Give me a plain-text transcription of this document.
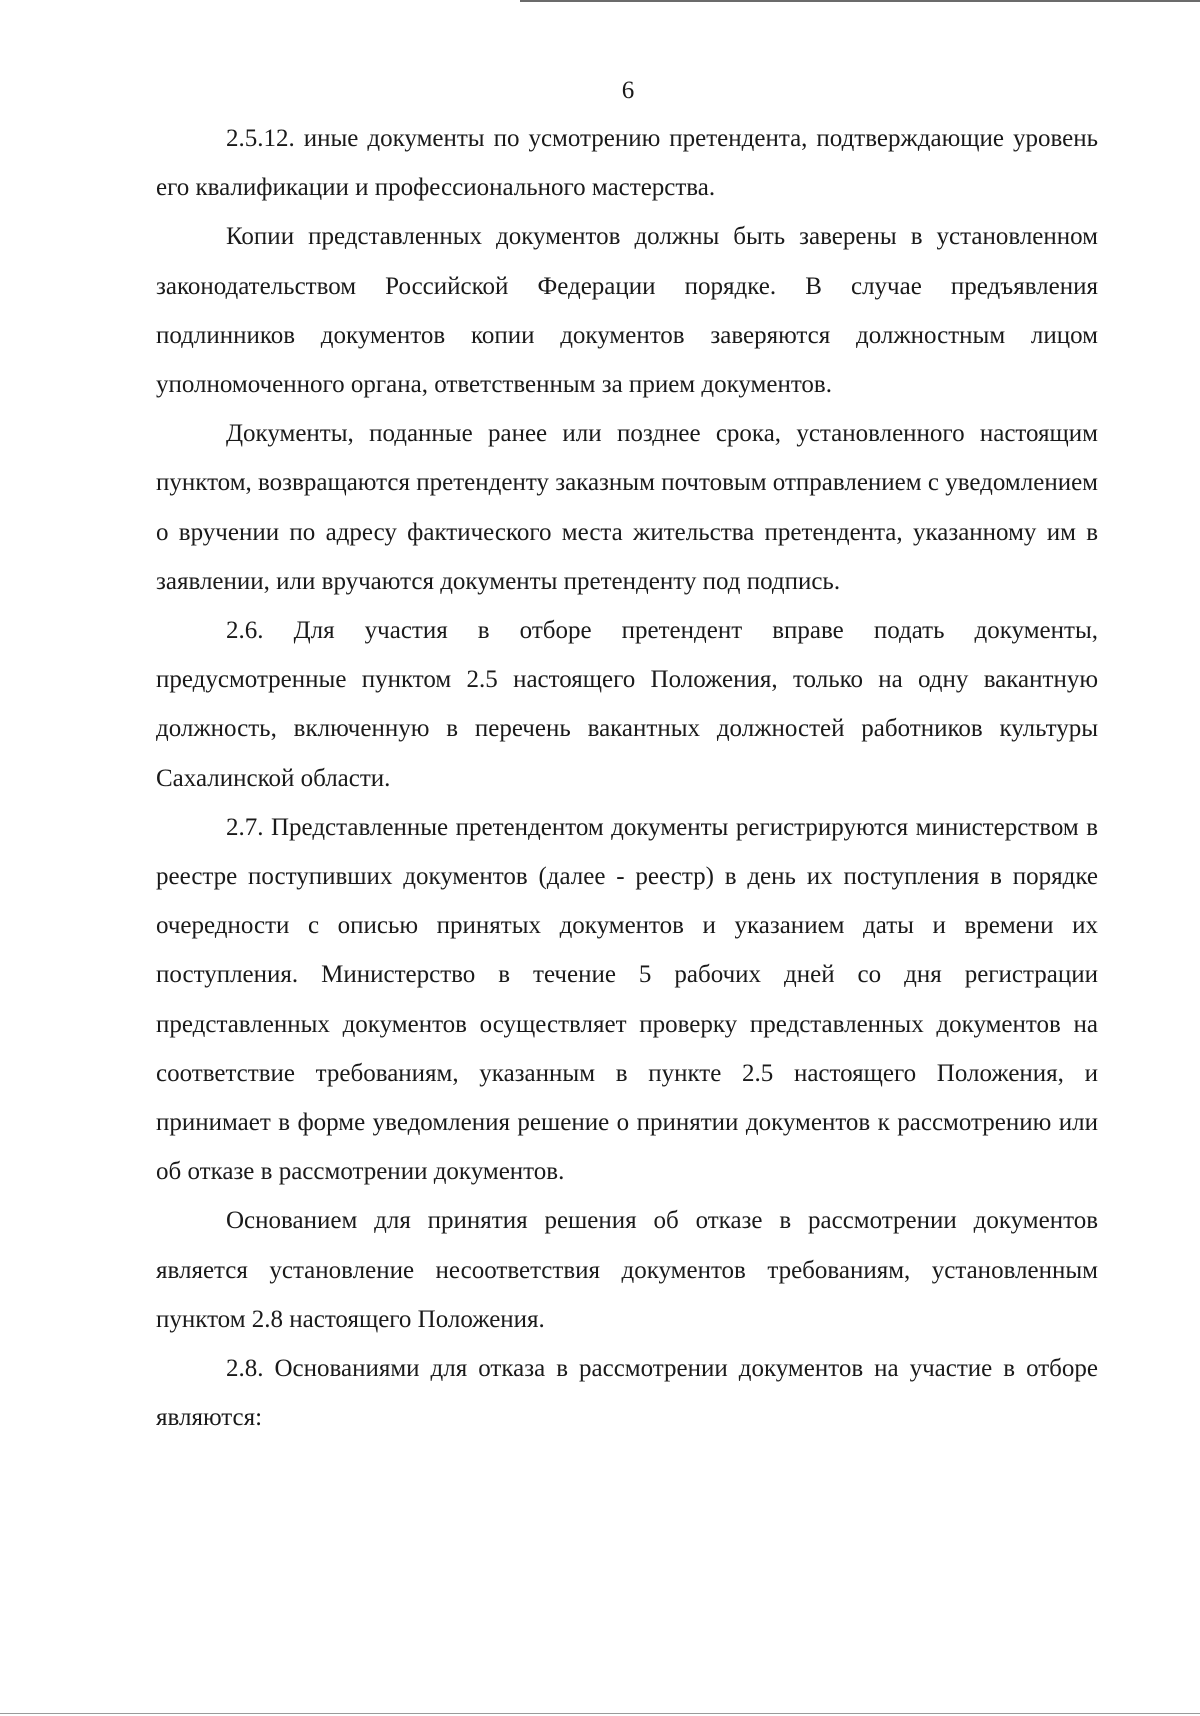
6

2.5.12. иные документы по усмотрению претендента, подтверждающие уровень его квалификации и профессионального мастерства.

Копии представленных документов должны быть заверены в установленном законодательством Российской Федерации порядке. В случае предъявления подлинников документов копии документов заверяются должностным лицом уполномоченного органа, ответственным за прием документов.

Документы, поданные ранее или позднее срока, установленного настоящим пунктом, возвращаются претенденту заказным почтовым отправлением с уведомлением о вручении по адресу фактического места жительства претендента, указанному им в заявлении, или вручаются документы претенденту под подпись.

2.6. Для участия в отборе претендент вправе подать документы, предусмотренные пунктом 2.5 настоящего Положения, только на одну вакантную должность, включенную в перечень вакантных должностей работников культуры Сахалинской области.

2.7. Представленные претендентом документы регистрируются министерством в реестре поступивших документов (далее - реестр) в день их поступления в порядке очередности с описью принятых документов и указанием даты и времени их поступления. Министерство в течение 5 рабочих дней со дня регистрации представленных документов осуществляет проверку представленных документов на соответствие требованиям, указанным в пункте 2.5 настоящего Положения, и принимает в форме уведомления решение о принятии документов к рассмотрению или об отказе в рассмотрении документов.

Основанием для принятия решения об отказе в рассмотрении документов является установление несоответствия документов требованиям, установленным пунктом 2.8 настоящего Положения.

2.8. Основаниями для отказа в рассмотрении документов на участие в отборе являются:
